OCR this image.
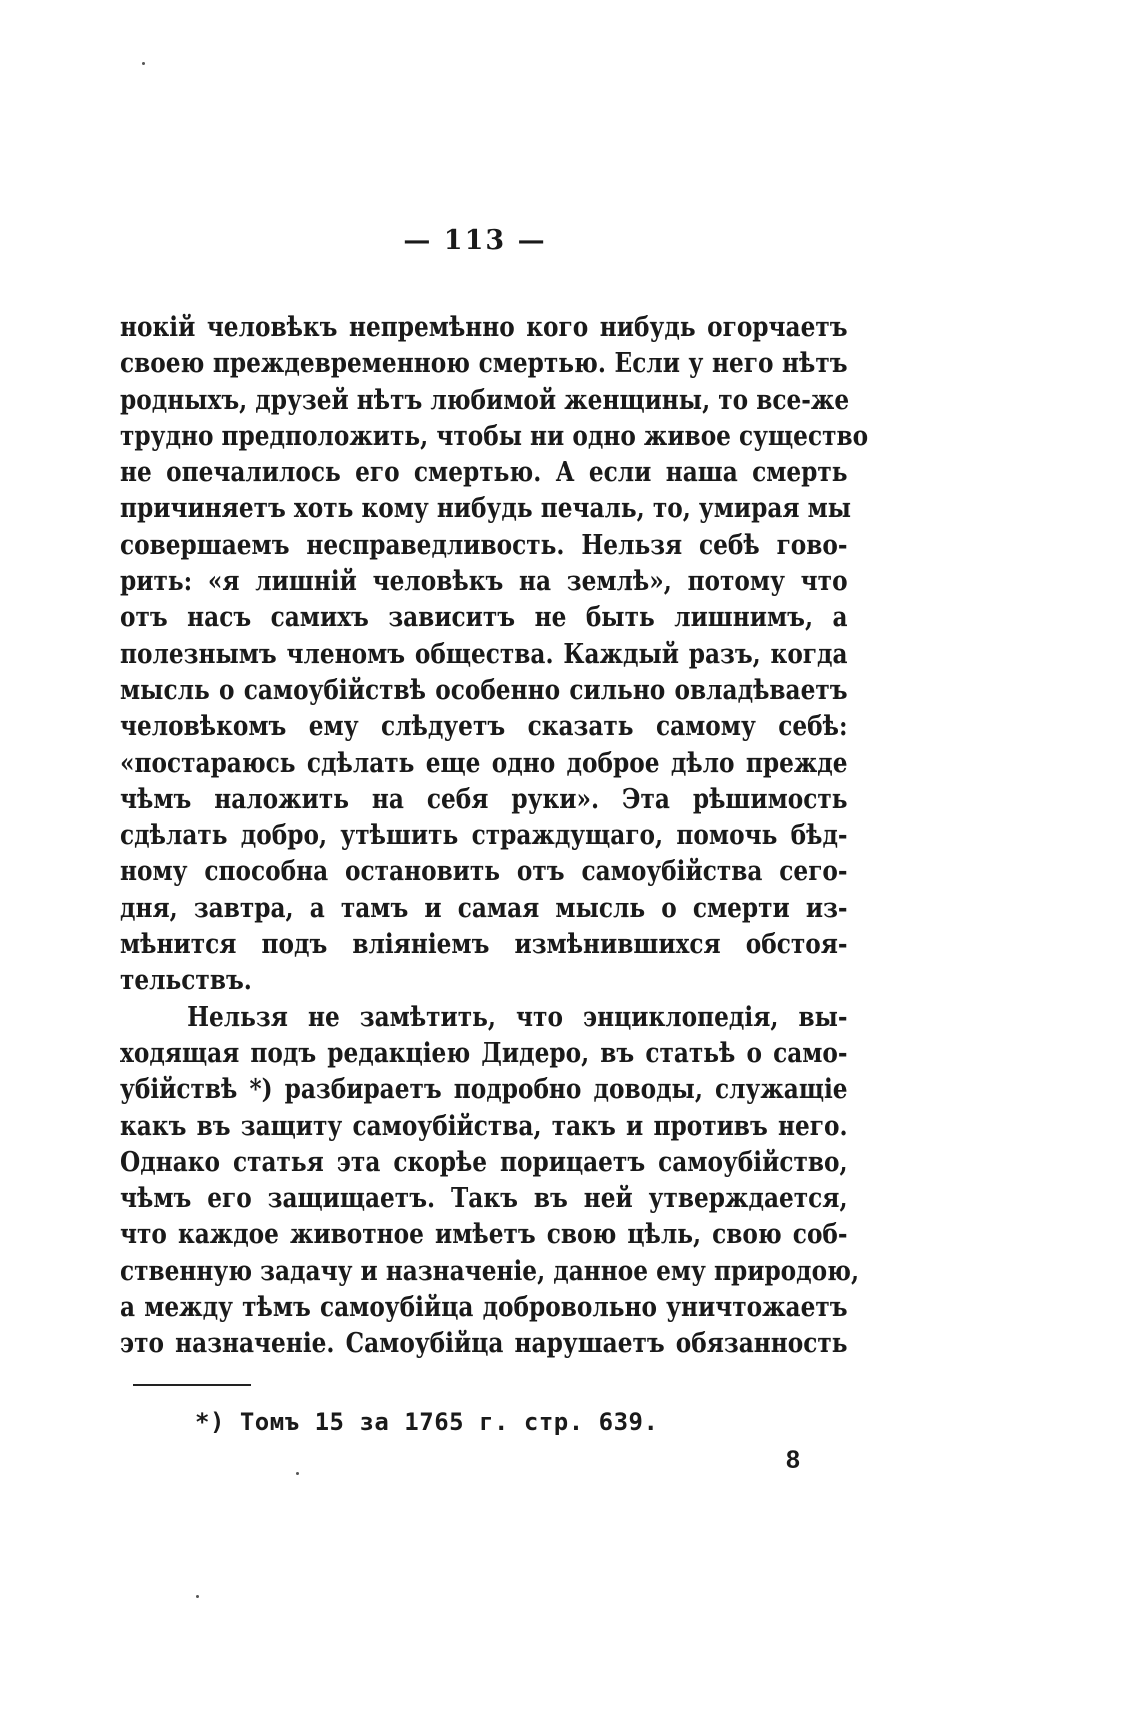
— 113 —
нокій человѣкъ непремѣнно кого нибудь огорчаетъ
своею преждевременною смертью. Если у него нѣтъ
родныхъ, друзей нѣтъ любимой женщины, то все-же
трудно предположить, чтобы ни одно живое существо
не опечалилось его смертью. А если наша смерть
причиняетъ хоть кому нибудь печаль, то, умирая мы
совершаемъ несправедливость. Нельзя себѣ гово-
рить: «я лишній человѣкъ на землѣ», потому что
отъ насъ самихъ зависитъ не быть лишнимъ, а
полезнымъ членомъ общества. Каждый разъ, когда
мысль о самоубійствѣ особенно сильно овладѣваетъ
человѣкомъ ему слѣдуетъ сказать самому себѣ:
«постараюсь сдѣлать еще одно доброе дѣло прежде
чѣмъ наложить на себя руки». Эта рѣшимость
сдѣлать добро, утѣшить страждущаго, помочь бѣд-
ному способна остановить отъ самоубійства сего-
дня, завтра, а тамъ и самая мысль о смерти из-
мѣнится подъ вліяніемъ измѣнившихся обстоя-
тельствъ.
Нельзя не замѣтить, что энциклопедія, вы-
ходящая подъ редакціею Дидеро, въ статьѣ о само-
убійствѣ *) разбираетъ подробно доводы, служащіе
какъ въ защиту самоубійства, такъ и противъ него.
Однако статья эта скорѣе порицаетъ самоубійство,
чѣмъ его защищаетъ. Такъ въ ней утверждается,
что каждое животное имѣетъ свою цѣль, свою соб-
ственную задачу и назначеніе, данное ему природою,
а между тѣмъ самоубійца добровольно уничтожаетъ
это назначеніе. Самоубійца нарушаетъ обязанность
*) Томъ 15 за 1765 г. стр. 639.
8
